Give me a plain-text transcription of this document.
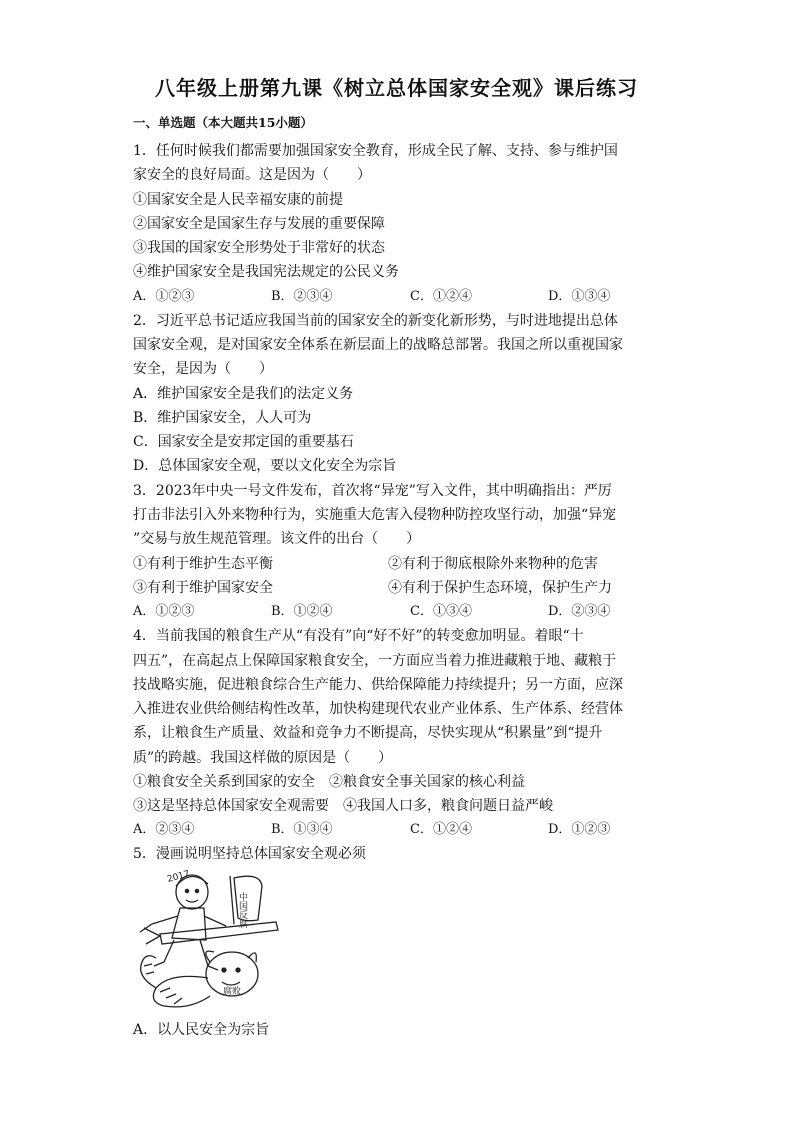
八年级上册第九课《树立总体国家安全观》课后练习
一、单选题（本大题共15小题）
1．任何时候我们都需要加强国家安全教育，形成全民了解、支持、参与维护国
家安全的良好局面。这是因为（　　）
①国家安全是人民幸福安康的前提
②国家安全是国家生存与发展的重要保障
③我国的国家安全形势处于非常好的状态
④维护国家安全是我国宪法规定的公民义务
A．①②③	B．②③④	C．①②④	D．①③④
2．习近平总书记适应我国当前的国家安全的新变化新形势，与时进地提出总体
国家安全观，是对国家安全体系在新层面上的战略总部署。我国之所以重视国家
安全，是因为（　　）
A．维护国家安全是我们的法定义务
B．维护国家安全，人人可为
C．国家安全是安邦定国的重要基石
D．总体国家安全观，要以文化安全为宗旨
3．2023年中央一号文件发布，首次将“异宠”写入文件，其中明确指出：严厉
打击非法引入外来物种行为，实施重大危害入侵物种防控攻坚行动，加强“异宠
”交易与放生规范管理。该文件的出台（　　）
①有利于维护生态平衡	②有利于彻底根除外来物种的危害
③有利于维护国家安全	④有利于保护生态环境，保护生产力
A．①②③	B．①②④	C．①③④	D．②③④
4．当前我国的粮食生产从“有没有”向“好不好”的转变愈加明显。着眼“十
四五”，在高起点上保障国家粮食安全，一方面应当着力推进藏粮于地、藏粮于
技战略实施，促进粮食综合生产能力、供给保障能力持续提升；另一方面，应深
入推进农业供给侧结构性改革，加快构建现代农业产业体系、生产体系、经营体
系，让粮食生产质量、效益和竞争力不断提高，尽快实现从“积累量”到“提升
质”的跨越。我国这样做的原因是（　　）
①粮食安全关系到国家的安全　②粮食安全事关国家的核心利益
③这是坚持总体国家安全观需要　④我国人口多，粮食问题日益严峻
A．②③④	B．①③④	C．①②④	D．①②③
5．漫画说明坚持总体国家安全观必须
2017
中国反腐
腐败
A．以人民安全为宗旨
